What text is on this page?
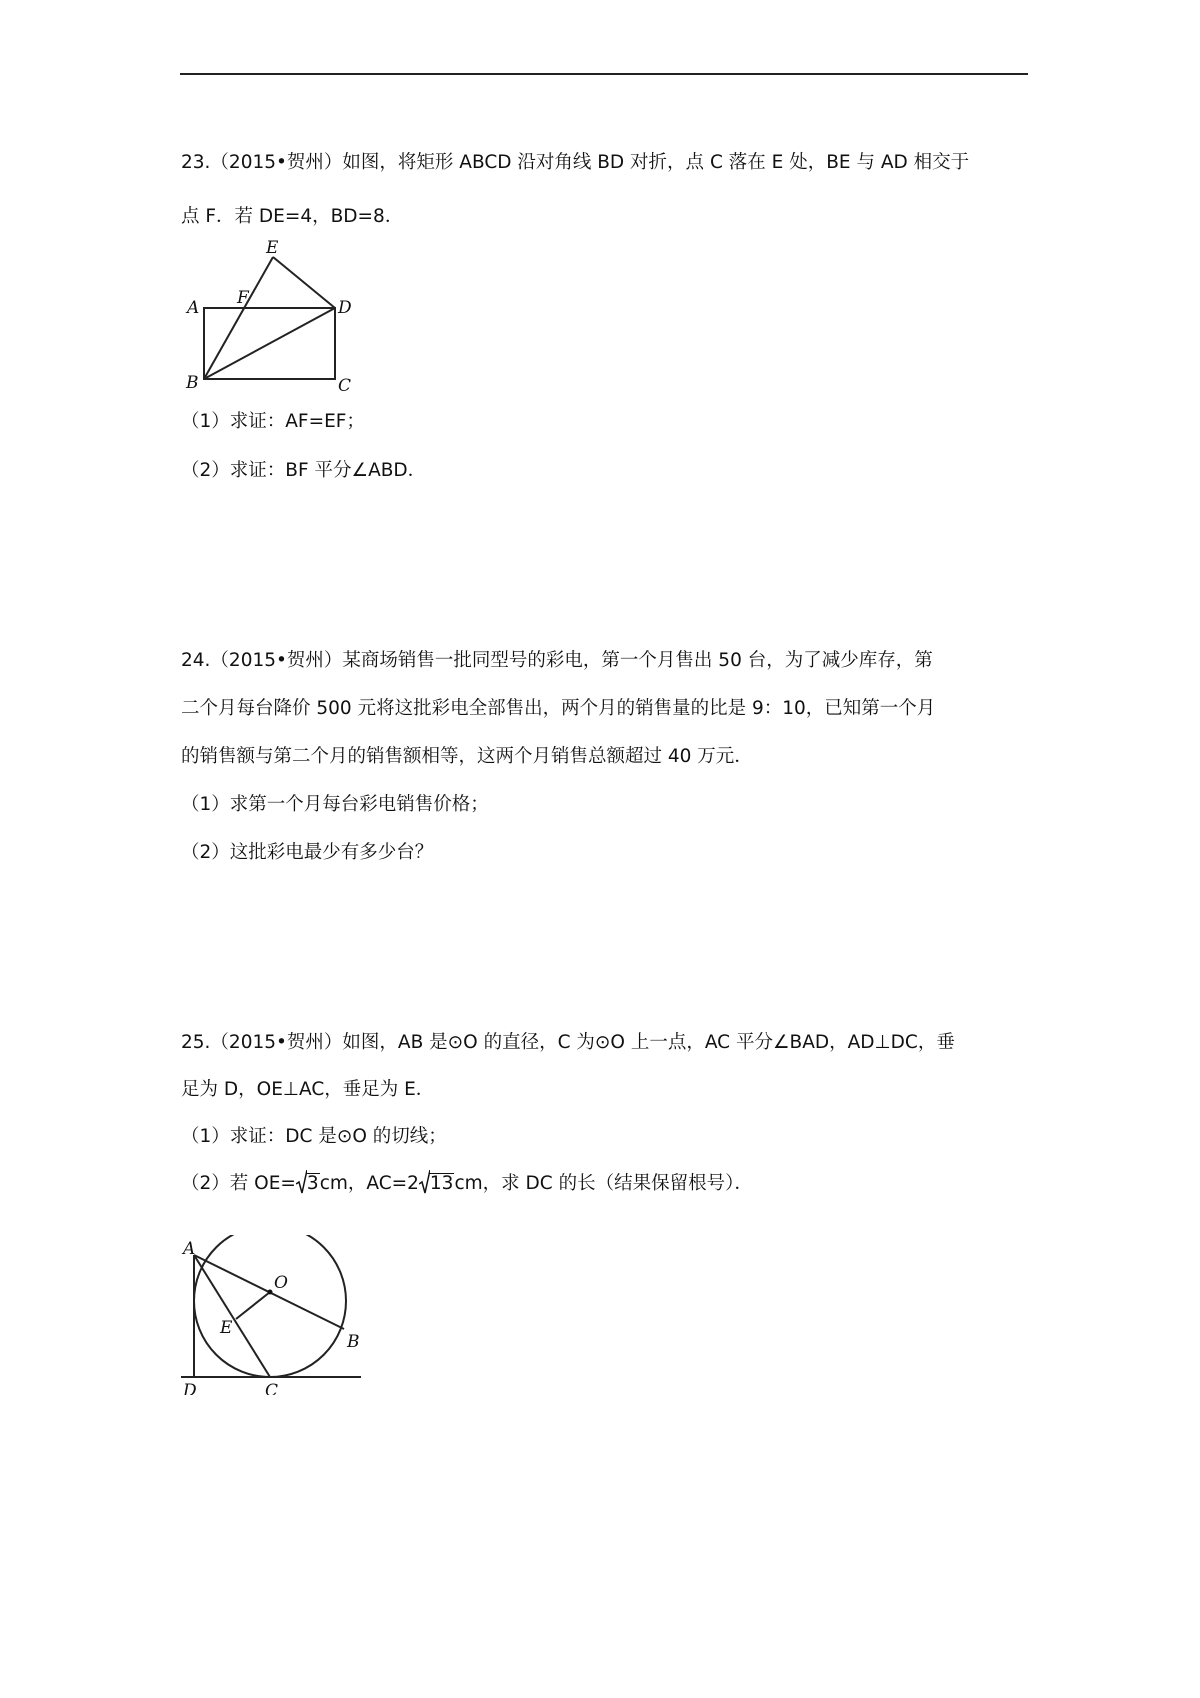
23.（2015•贺州）如图，将矩形 ABCD 沿对角线 BD 对折，点 C 落在 E 处，BE 与 AD 相交于
点 F．若 DE=4，BD=8．
A
B	C
D
E
F
（1）求证：AF=EF；
（2）求证：BF 平分∠ABD．
24.（2015•贺州）某商场销售一批同型号的彩电，第一个月售出 50 台，为了减少库存，第
二个月每台降价 500 元将这批彩电全部售出，两个月的销售量的比是 9：10，已知第一个月
的销售额与第二个月的销售额相等，这两个月销售总额超过 40 万元．
（1）求第一个月每台彩电销售价格；
（2）这批彩电最少有多少台？
25.（2015•贺州）如图，AB 是⊙O 的直径，C 为⊙O 上一点，AC 平分∠BAD，AD⊥DC，垂
足为 D，OE⊥AC，垂足为 E．
（1）求证：DC 是⊙O 的切线；
（2）若 OE= 3cm，AC=2 13cm，求 DC 的长（结果保留根号）．
A
B
C
D
E
O
